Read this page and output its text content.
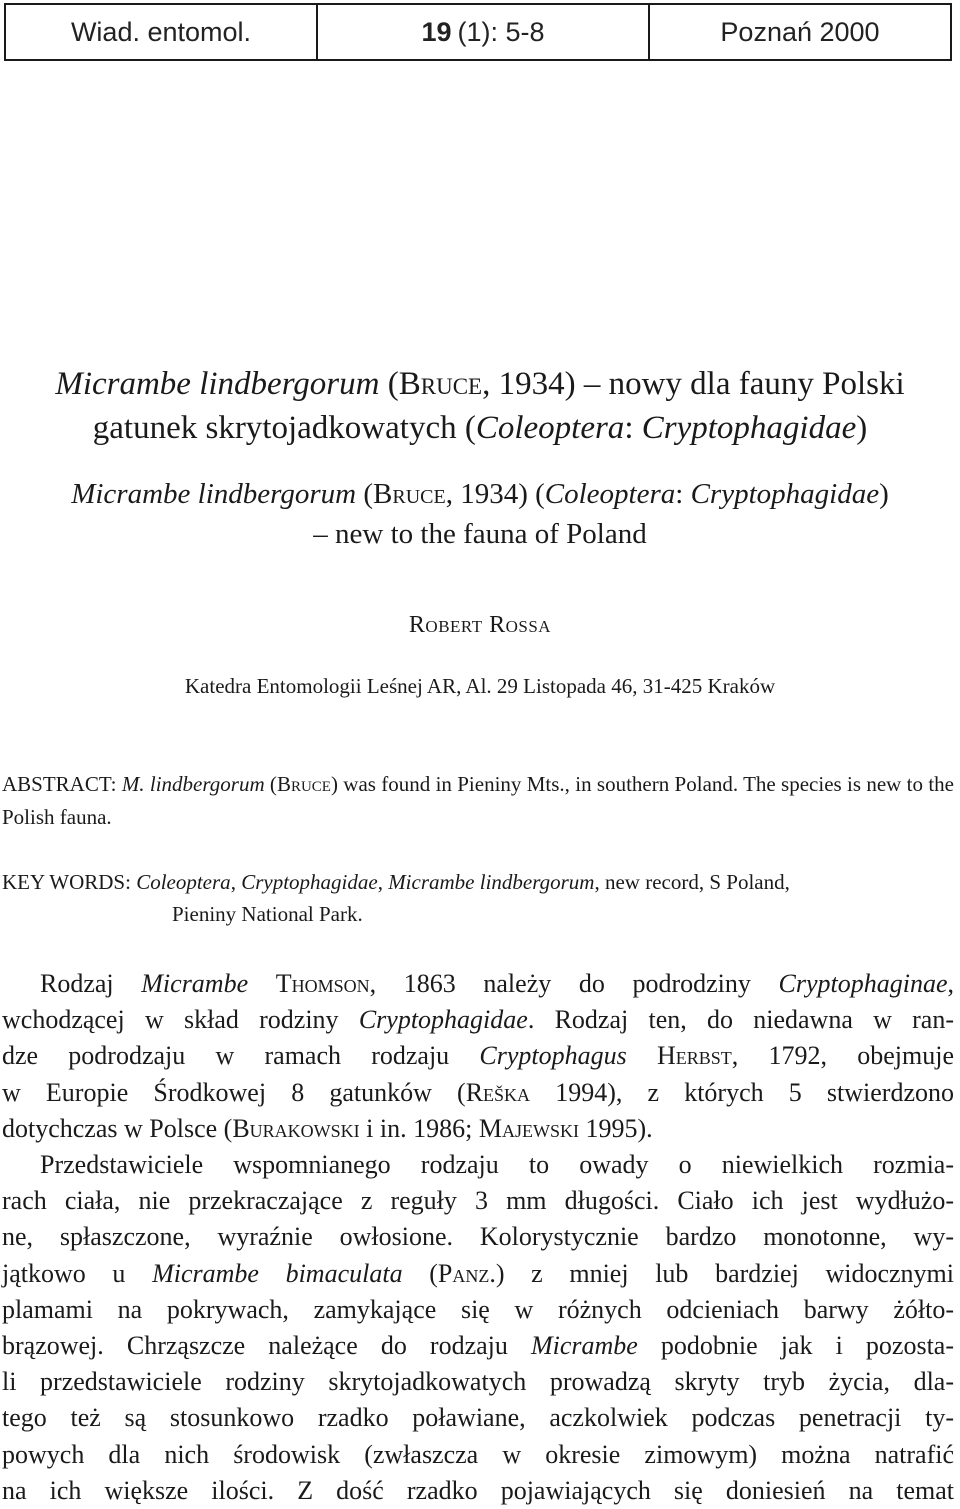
Wiad. entomol.	19 (1): 5-8	Poznań 2000
Micrambe lindbergorum (Bruce, 1934) – nowy dla fauny Polski
gatunek skrytojadkowatych (Coleoptera: Cryptophagidae)
Micrambe lindbergorum (Bruce, 1934) (Coleoptera: Cryptophagidae)
– new to the fauna of Poland
Robert Rossa
Katedra Entomologii Leśnej AR, Al. 29 Listopada 46, 31-425 Kraków
ABSTRACT: M. lindbergorum (Bruce) was found in Pieniny Mts., in southern Poland. The species is new to the Polish fauna.
KEY WORDS: Coleoptera, Cryptophagidae, Micrambe lindbergorum, new record, S Poland,
Pieniny National Park.

Rodzaj Micrambe Thomson, 1863 należy do podrodziny Cryptophaginae,
wchodzącej w skład rodziny Cryptophagidae. Rodzaj ten, do niedawna w ran-
dze podrodzaju w ramach rodzaju Cryptophagus Herbst, 1792, obejmuje
w Europie Środkowej 8 gatunków (Reška 1994), z których 5 stwierdzono
dotychczas w Polsce (Burakowski i in. 1986; Majewski 1995).

Przedstawiciele wspomnianego rodzaju to owady o niewielkich rozmia-
rach ciała, nie przekraczające z reguły 3 mm długości. Ciało ich jest wydłużo-
ne, spłaszczone, wyraźnie owłosione. Kolorystycznie bardzo monotonne, wy-
jątkowo u Micrambe bimaculata (Panz.) z mniej lub bardziej widocznymi
plamami na pokrywach, zamykające się w różnych odcieniach barwy żółto-
brązowej. Chrząszcze należące do rodzaju Micrambe podobnie jak i pozosta-
li przedstawiciele rodziny skrytojadkowatych prowadzą skryty tryb życia, dla-
tego też są stosunkowo rzadko poławiane, aczkolwiek podczas penetracji ty-
powych dla nich środowisk (zwłaszcza w okresie zimowym) można natrafić
na ich większe ilości. Z dość rzadko pojawiających się doniesień na temat
